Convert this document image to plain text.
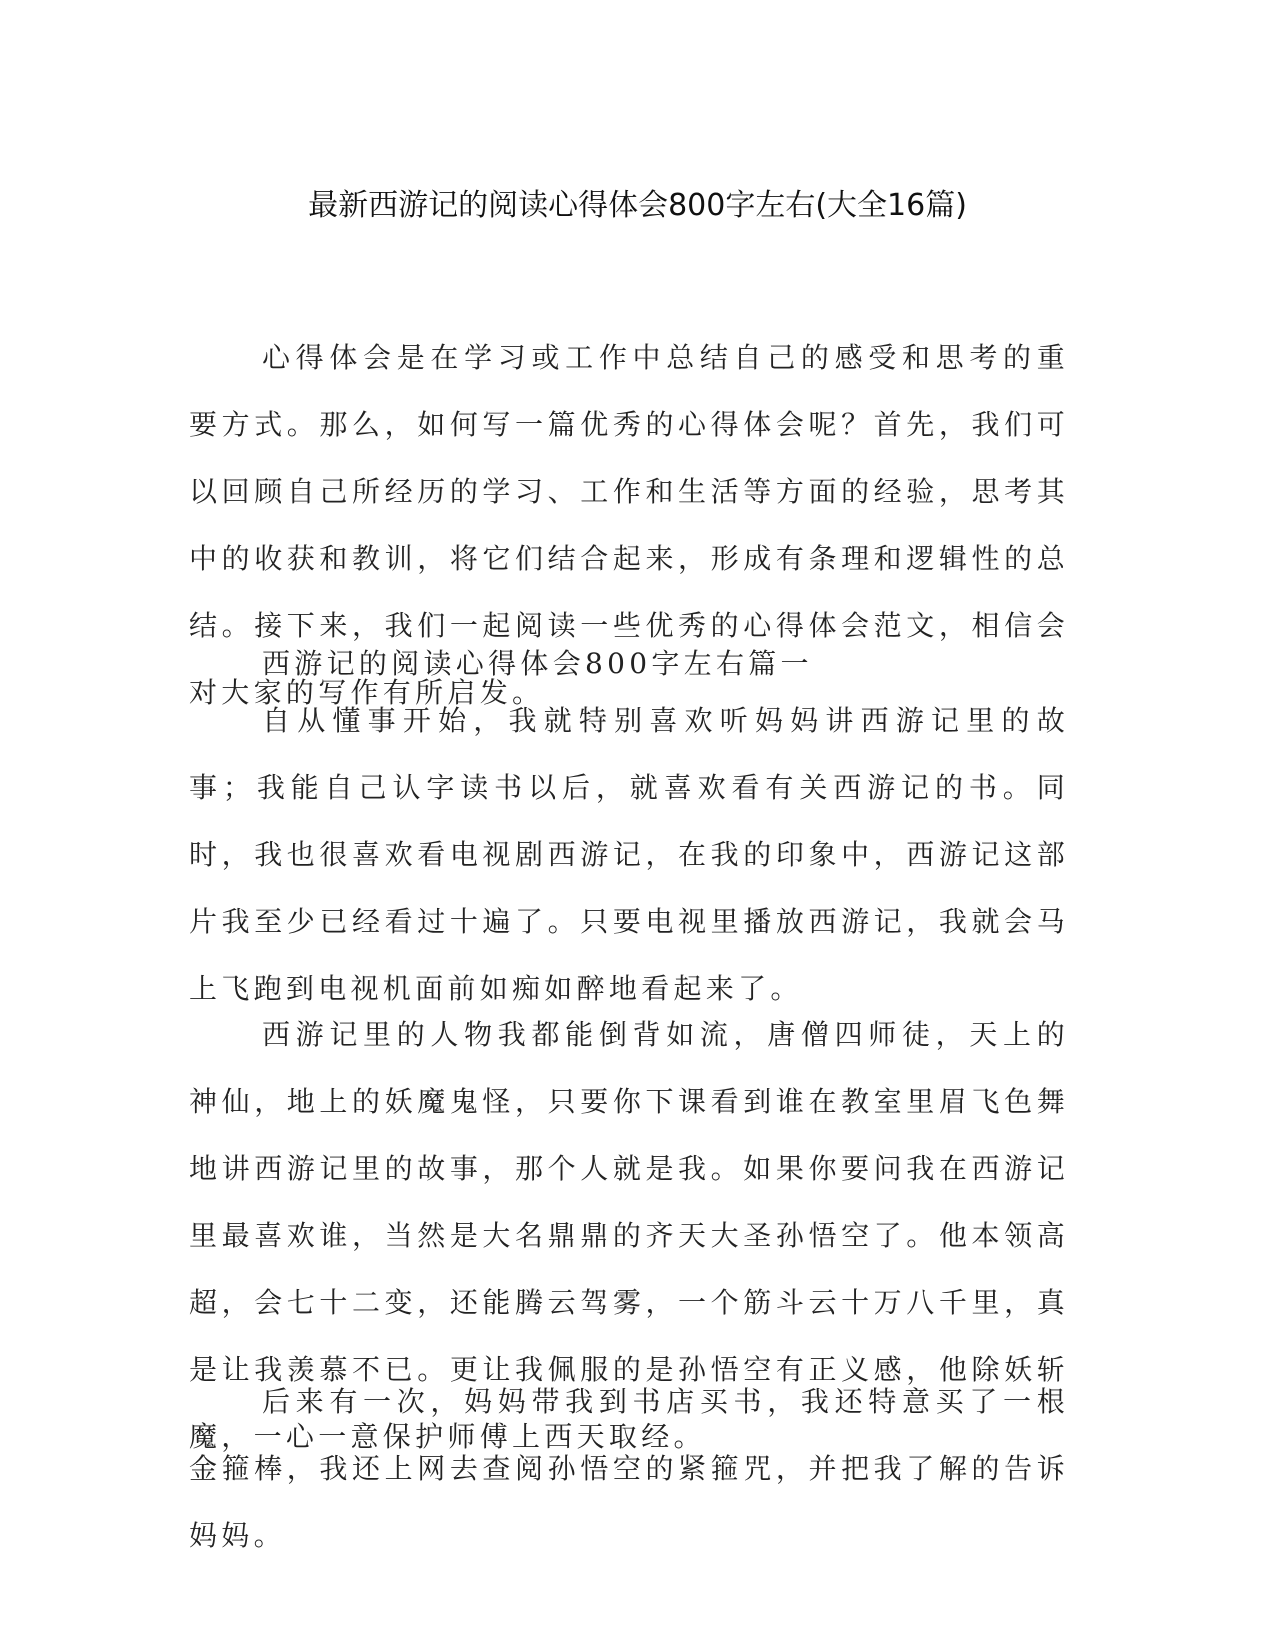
最新西游记的阅读心得体会800字左右(大全16篇)

心得体会是在学习或工作中总结自己的感受和思考的重要方式。那么，如何写一篇优秀的心得体会呢？首先，我们可以回顾自己所经历的学习、工作和生活等方面的经验，思考其中的收获和教训，将它们结合起来，形成有条理和逻辑性的总结。接下来，我们一起阅读一些优秀的心得体会范文，相信会对大家的写作有所启发。

西游记的阅读心得体会800字左右篇一

自从懂事开始，我就特别喜欢听妈妈讲西游记里的故事；我能自己认字读书以后，就喜欢看有关西游记的书。同时，我也很喜欢看电视剧西游记，在我的印象中，西游记这部片我至少已经看过十遍了。只要电视里播放西游记，我就会马上飞跑到电视机面前如痴如醉地看起来了。

西游记里的人物我都能倒背如流，唐僧四师徒，天上的神仙，地上的妖魔鬼怪，只要你下课看到谁在教室里眉飞色舞地讲西游记里的故事，那个人就是我。如果你要问我在西游记里最喜欢谁，当然是大名鼎鼎的齐天大圣孙悟空了。他本领高超，会七十二变，还能腾云驾雾，一个筋斗云十万八千里，真是让我羡慕不已。更让我佩服的是孙悟空有正义感，他除妖斩魔，一心一意保护师傅上西天取经。

后来有一次，妈妈带我到书店买书，我还特意买了一根金箍棒，我还上网去查阅孙悟空的紧箍咒，并把我了解的告诉妈妈。
